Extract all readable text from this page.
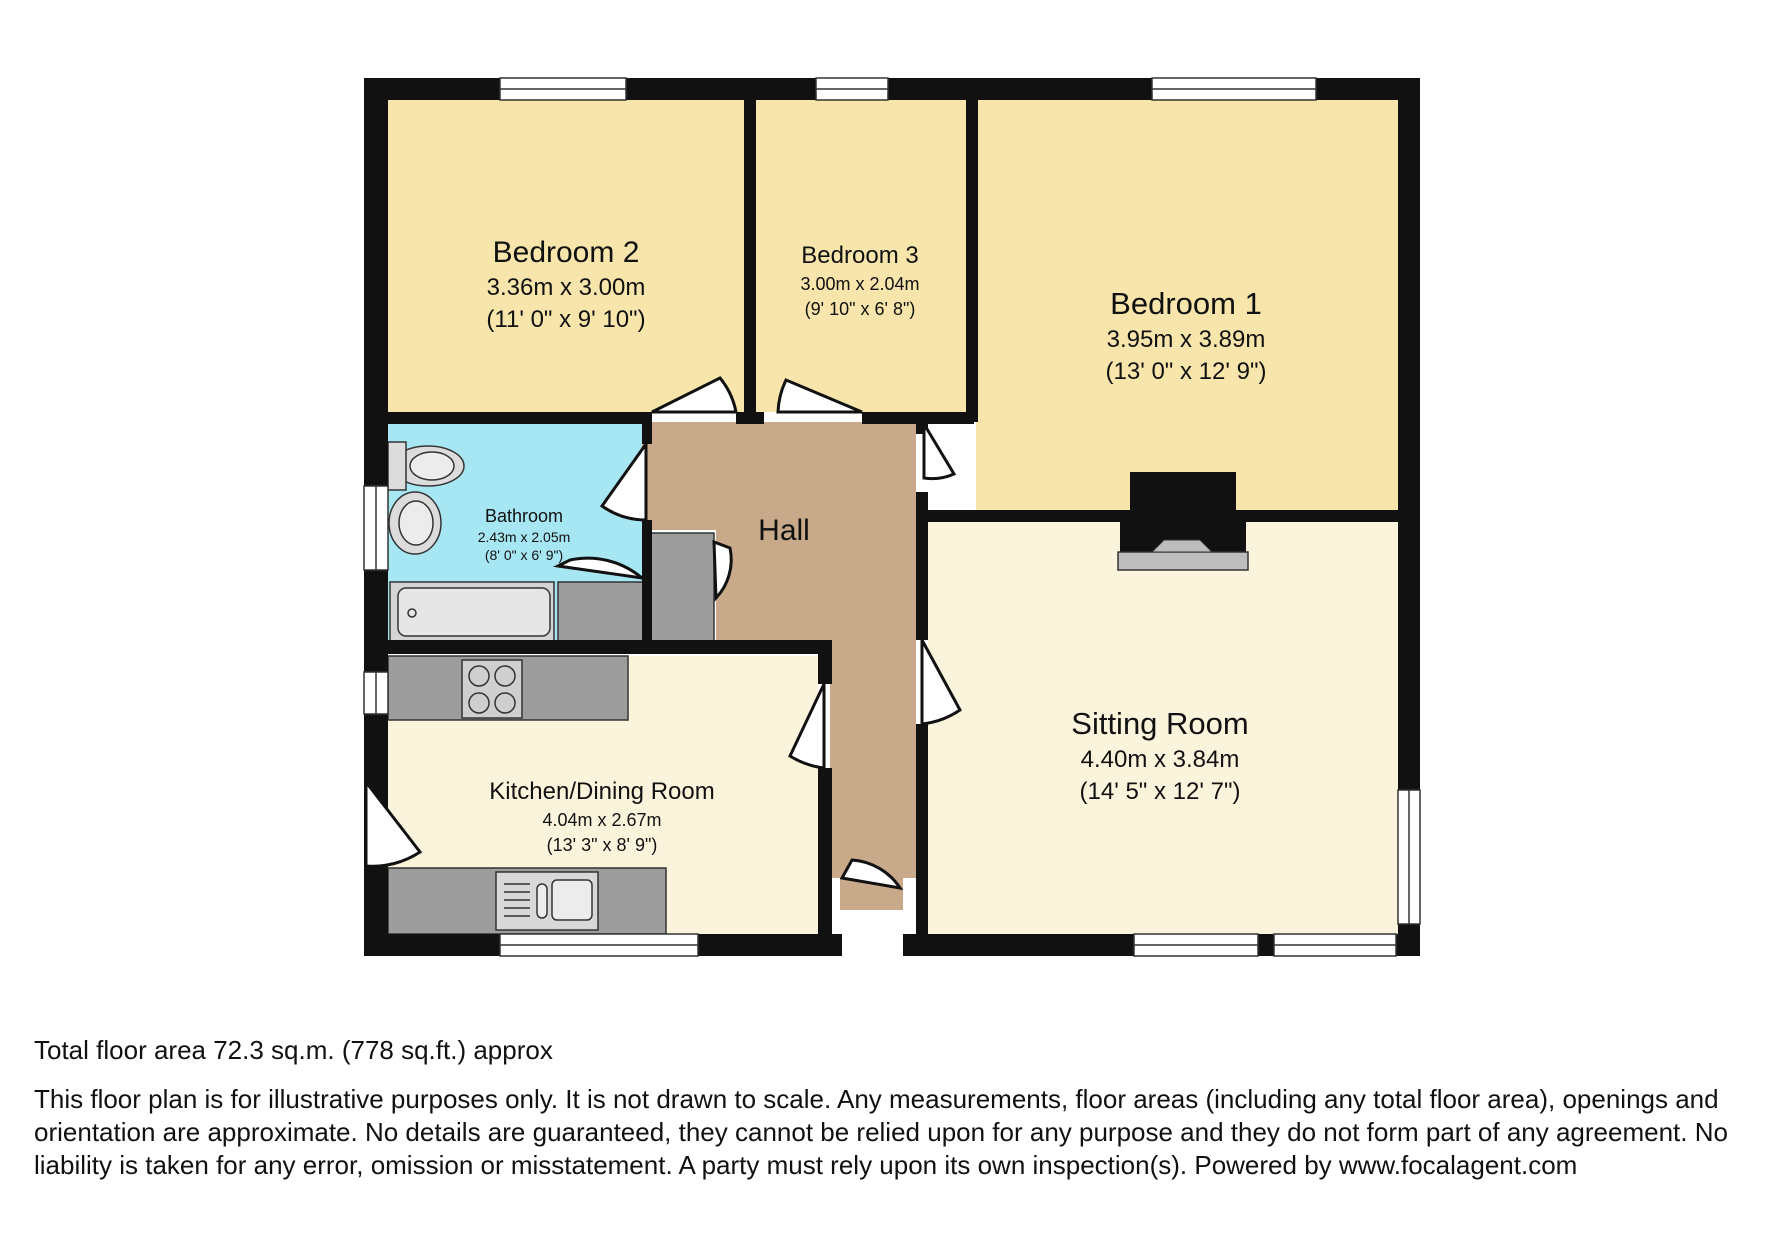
Bedroom 2
3.36m x 3.00m
(11' 0" x 9' 10")
Bedroom 3
3.00m x 2.04m
(9' 10" x 6' 8")	Bedroom 1
3.95m x 3.89m
(13' 0" x 12' 9")
Bathroom
2.43m x 2.05m
(8' 0" x 6' 9")
Hall
Sitting Room
4.40m x 3.84m
(14' 5" x 12' 7")
Kitchen/Dining Room
4.04m x 2.67m
(13' 3" x 8' 9")
Total floor area 72.3 sq.m. (778 sq.ft.) approx
This floor plan is for illustrative purposes only. It is not drawn to scale. Any measurements, floor areas (including any total floor area), openings and orientation are approximate. No details are guaranteed, they cannot be relied upon for any purpose and they do not form part of any agreement. No liability is taken for any error, omission or misstatement. A party must rely upon its own inspection(s). Powered by www.focalagent.com
